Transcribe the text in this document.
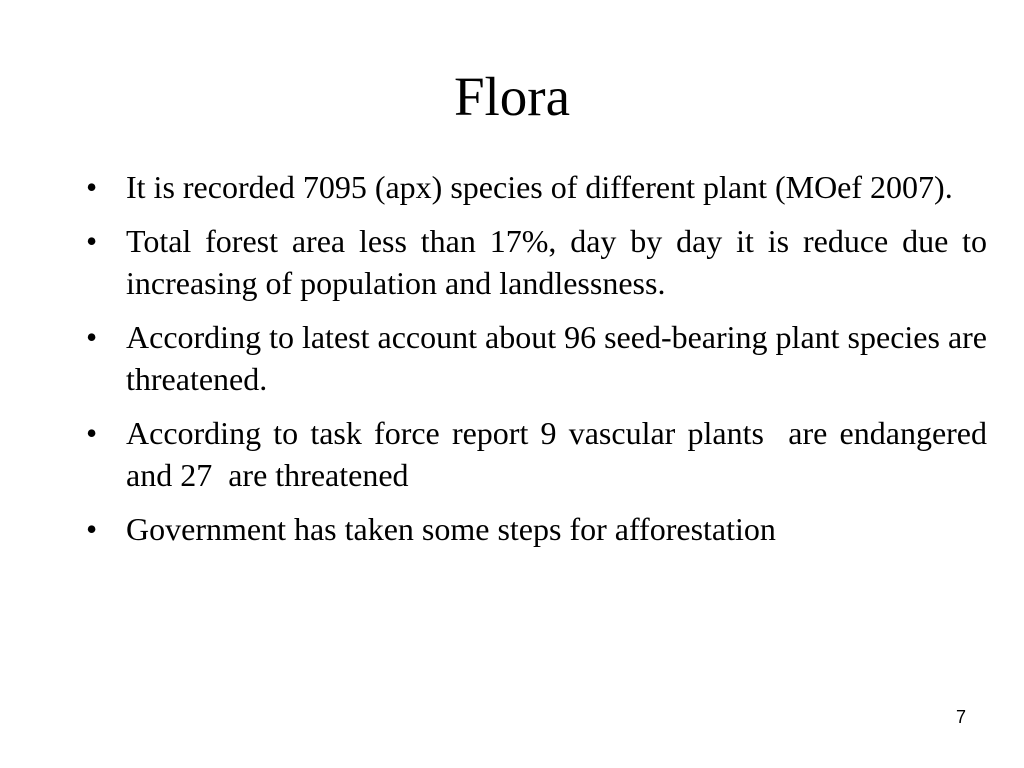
Flora
• It is recorded 7095 (apx) species of different plant (MOef 2007).
• Total forest area less than 17%, day by day it is reduce due to increasing of population and landlessness.
• According to latest account about 96 seed-bearing plant species are threatened.
• According to task force report 9 vascular plants  are endangered   and 27  are threatened
• Government has taken some steps for afforestation
7
